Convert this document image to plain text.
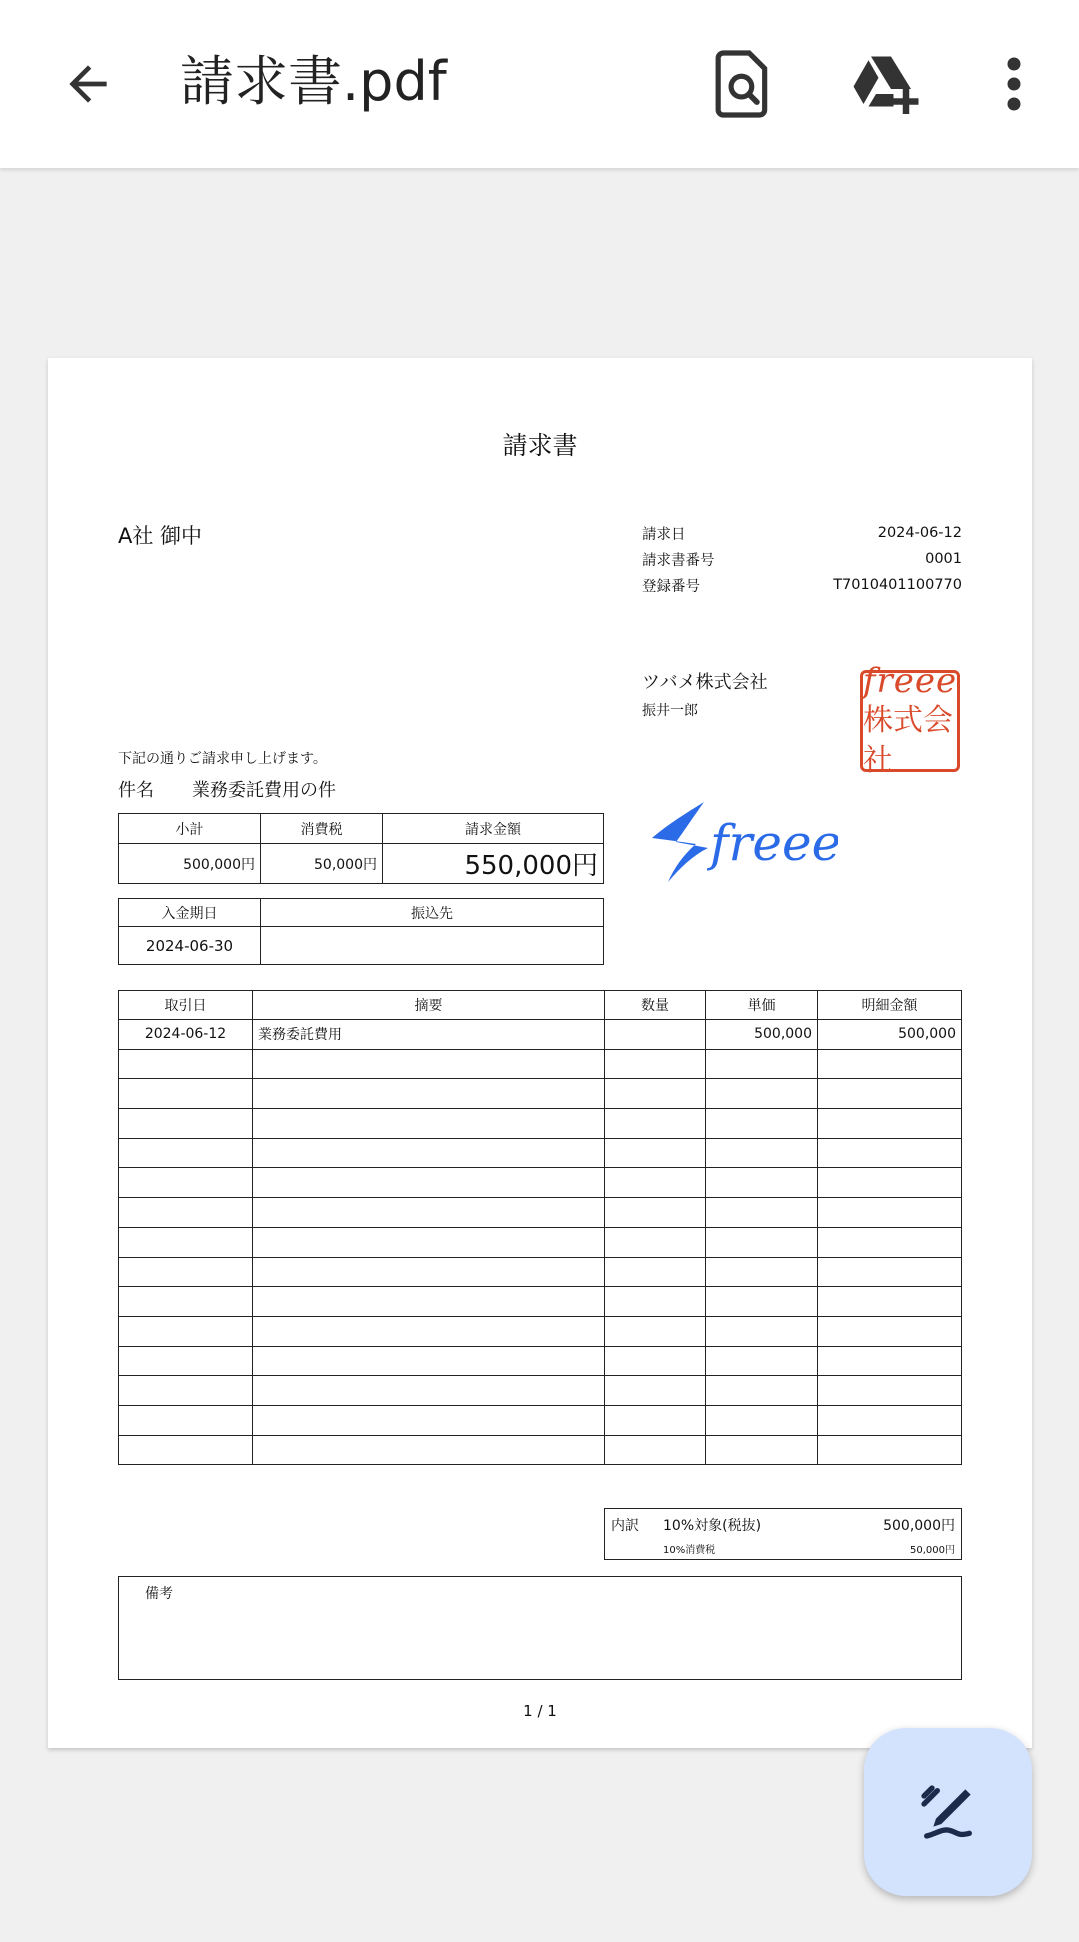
請求書.pdf
請求書
A社 御中	請求日	2024-06-12
請求書番号	0001
登録番号	T7010401100770
ツバメ株式会社
振井一郎
freee
株式会社
下記の通りご請求申し上げます。
件名 業務委託費用の件
小計	消費税	請求金額
500,000円	50,000円	550,000円
入金期日	振込先
2024-06-30	
freee
取引日	摘要	数量	単価	明細金額
2024-06-12	業務委託費用		500,000	500,000

内訳 10%対象(税抜)	500,000円
10%消費税	50,000円
備考
1 / 1
